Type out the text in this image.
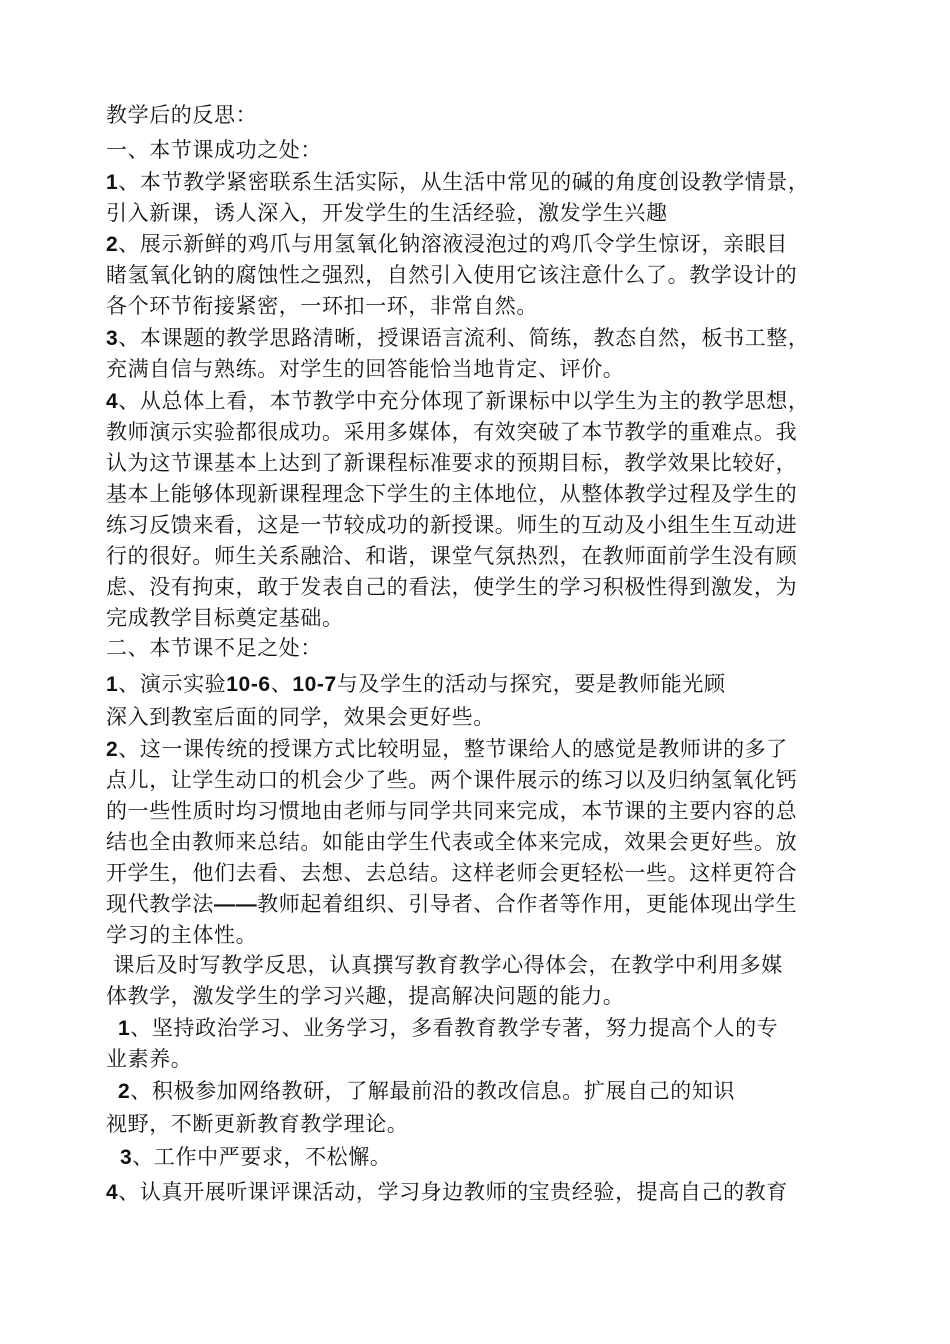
教学后的反思：
一、本节课成功之处：
1、本节教学紧密联系生活实际，从生活中常见的碱的角度创设教学情景，
引入新课，诱人深入，开发学生的生活经验，激发学生兴趣
2、展示新鲜的鸡爪与用氢氧化钠溶液浸泡过的鸡爪令学生惊讶，亲眼目
睹氢氧化钠的腐蚀性之强烈，自然引入使用它该注意什么了。教学设计的
各个环节衔接紧密，一环扣一环，非常自然。
3、本课题的教学思路清晰，授课语言流利、简练，教态自然，板书工整，
充满自信与熟练。对学生的回答能恰当地肯定、评价。
4、从总体上看，本节教学中充分体现了新课标中以学生为主的教学思想，
教师演示实验都很成功。采用多媒体，有效突破了本节教学的重难点。我
认为这节课基本上达到了新课程标准要求的预期目标，教学效果比较好，
基本上能够体现新课程理念下学生的主体地位，从整体教学过程及学生的
练习反馈来看，这是一节较成功的新授课。师生的互动及小组生生互动进
行的很好。师生关系融洽、和谐，课堂气氛热烈，在教师面前学生没有顾
虑、没有拘束，敢于发表自己的看法，使学生的学习积极性得到激发，为
完成教学目标奠定基础。
二、本节课不足之处：
1、演示实验10-6、10-7与及学生的活动与探究，要是教师能光顾
深入到教室后面的同学，效果会更好些。
2、这一课传统的授课方式比较明显，整节课给人的感觉是教师讲的多了
点儿，让学生动口的机会少了些。两个课件展示的练习以及归纳氢氧化钙
的一些性质时均习惯地由老师与同学共同来完成，本节课的主要内容的总
结也全由教师来总结。如能由学生代表或全体来完成，效果会更好些。放
开学生，他们去看、去想、去总结。这样老师会更轻松一些。这样更符合
现代教学法——教师起着组织、引导者、合作者等作用，更能体现出学生
学习的主体性。
课后及时写教学反思，认真撰写教育教学心得体会，在教学中利用多媒
体教学，激发学生的学习兴趣，提高解决问题的能力。
1、坚持政治学习、业务学习，多看教育教学专著，努力提高个人的专
业素养。
2、积极参加网络教研，了解最前沿的教改信息。扩展自己的知识
视野，不断更新教育教学理论。
3、工作中严要求，不松懈。
4、认真开展听课评课活动，学习身边教师的宝贵经验，提高自己的教育
